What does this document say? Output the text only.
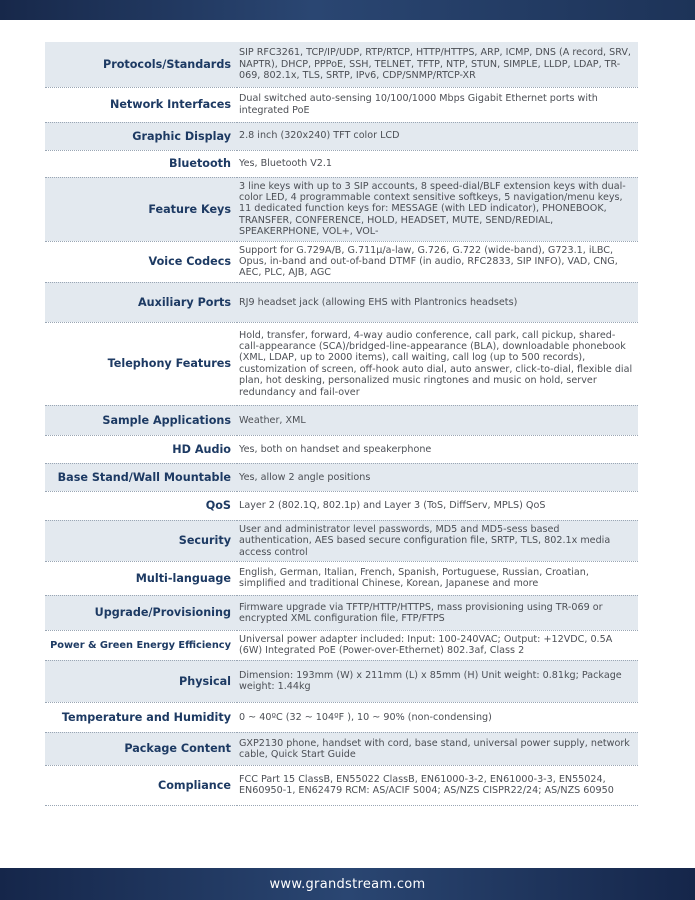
Protocols/Standards	SIP RFC3261, TCP/IP/UDP, RTP/RTCP, HTTP/HTTPS, ARP, ICMP, DNS (A record, SRV, NAPTR), DHCP, PPPoE, SSH, TELNET, TFTP, NTP, STUN, SIMPLE, LLDP, LDAP, TR-069, 802.1x, TLS, SRTP, IPv6, CDP/SNMP/RTCP-XR
Network Interfaces	Dual switched auto-sensing 10/100/1000 Mbps Gigabit Ethernet ports with integrated PoE
Graphic Display	2.8 inch (320x240) TFT color LCD
Bluetooth	Yes, Bluetooth V2.1
Feature Keys	3 line keys with up to 3 SIP accounts, 8 speed-dial/BLF extension keys with dual-color LED, 4 programmable context sensitive softkeys, 5 navigation/menu keys, 11 dedicated function keys for: MESSAGE (with LED indicator), PHONEBOOK, TRANSFER, CONFERENCE, HOLD, HEADSET, MUTE, SEND/REDIAL, SPEAKERPHONE, VOL+, VOL-
Voice Codecs	Support for G.729A/B, G.711μ/a-law, G.726, G.722 (wide-band), G723.1, iLBC, Opus, in-band and out-of-band DTMF (in audio, RFC2833, SIP INFO), VAD, CNG, AEC, PLC, AJB, AGC
Auxiliary Ports	RJ9 headset jack (allowing EHS with Plantronics headsets)
Telephony Features	Hold, transfer, forward, 4-way audio conference, call park, call pickup, shared-call-appearance (SCA)/bridged-line-appearance (BLA), downloadable phonebook (XML, LDAP, up to 2000 items), call waiting, call log (up to 500 records), customization of screen, off-hook auto dial, auto answer, click-to-dial, flexible dial plan, hot desking, personalized music ringtones and music on hold, server redundancy and fail-over
Sample Applications	Weather, XML
HD Audio	Yes, both on handset and speakerphone
Base Stand/Wall Mountable	Yes, allow 2 angle positions
QoS	Layer 2 (802.1Q, 802.1p) and Layer 3 (ToS, DiffServ, MPLS) QoS
Security	User and administrator level passwords, MD5 and MD5-sess based authentication, AES based secure configuration file, SRTP, TLS, 802.1x media access control
Multi-language	English, German, Italian, French, Spanish, Portuguese, Russian, Croatian, simplified and traditional Chinese, Korean, Japanese and more
Upgrade/Provisioning	Firmware upgrade via TFTP/HTTP/HTTPS, mass provisioning using TR-069 or encrypted XML configuration file, FTP/FTPS
Power & Green Energy Efficiency	Universal power adapter included: Input: 100-240VAC; Output: +12VDC, 0.5A (6W) Integrated PoE (Power-over-Ethernet) 802.3af, Class 2
Physical	Dimension: 193mm (W) x 211mm (L) x 85mm (H) Unit weight: 0.81kg; Package weight: 1.44kg
Temperature and Humidity	0 ~ 40ºC (32 ~ 104ºF ), 10 ~ 90% (non-condensing)
Package Content	GXP2130 phone, handset with cord, base stand, universal power supply, network cable, Quick Start Guide
Compliance	FCC Part 15 ClassB, EN55022 ClassB, EN61000-3-2, EN61000-3-3, EN55024, EN60950-1, EN62479 RCM: AS/ACIF S004; AS/NZS CISPR22/24; AS/NZS 60950
www.grandstream.com
